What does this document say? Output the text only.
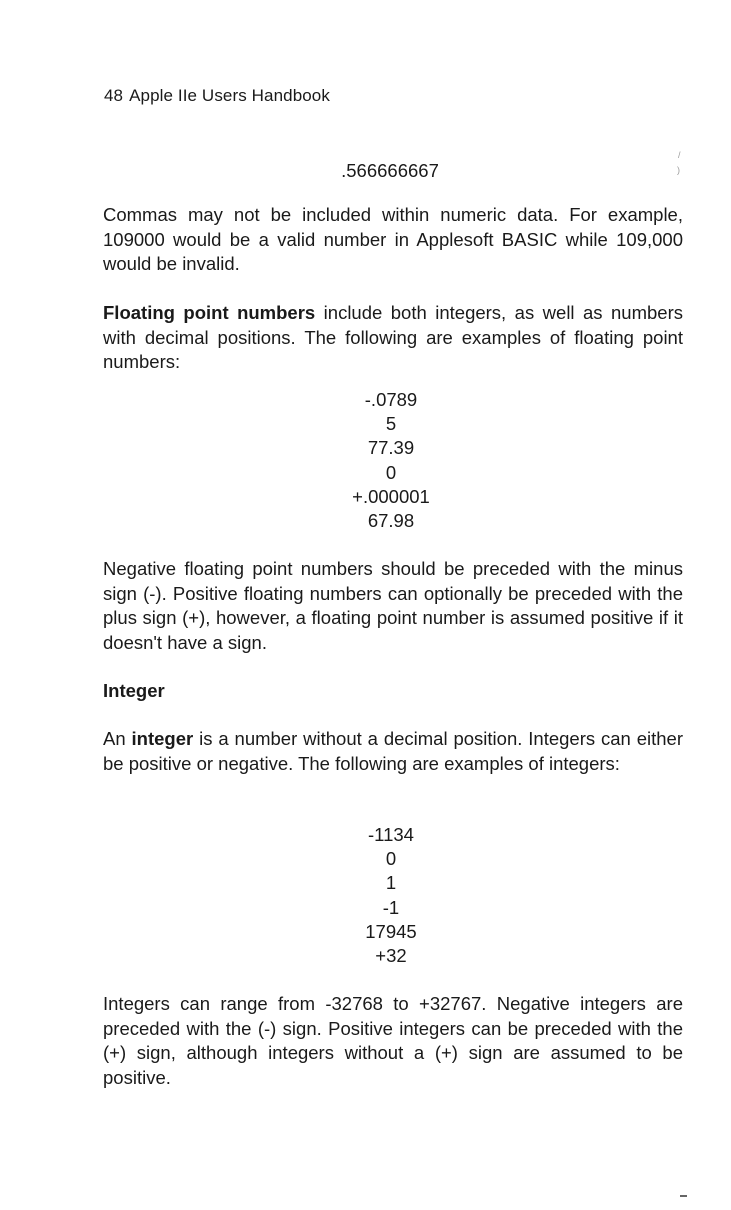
48 Apple IIe Users Handbook
/
)
.566666667

Commas may not be included within numeric data. For example, 109000 would be a valid number in Applesoft BASIC while 109,000 would be invalid.

Floating point numbers include both integers, as well as numbers with decimal positions. The following are examples of floating point numbers:

-.0789
5
77.39
0
+.000001
67.98

Negative floating point numbers should be preceded with the minus sign (-). Positive floating numbers can optionally be preceded with the plus sign (+), however, a floating point number is assumed positive if it doesn't have a sign.

Integer

An integer is a number without a decimal position. Integers can either be positive or negative. The following are examples of integers:

-1134
0
1
-1
17945
+32

Integers can range from -32768 to +32767. Negative integers are preceded with the (-) sign. Positive integers can be preceded with the (+) sign, although integers without a (+) sign are assumed to be positive.
